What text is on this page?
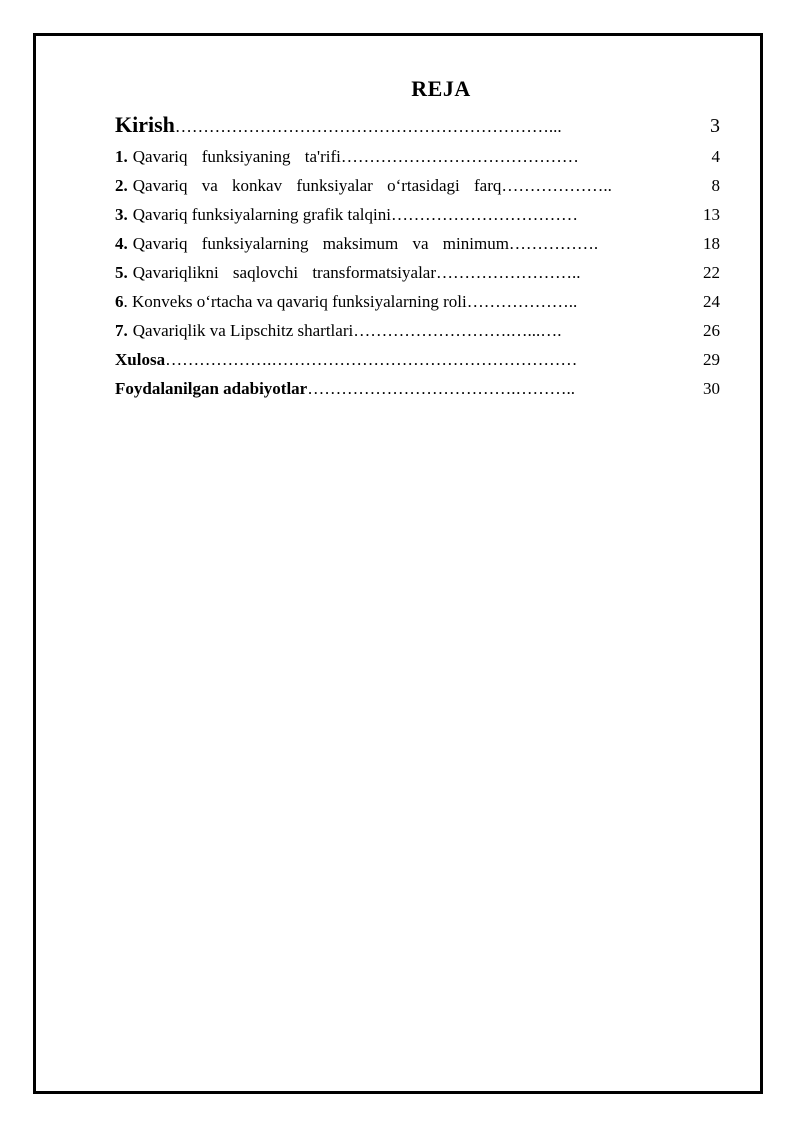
REJA
Kirish …………………………………………………………...	3
1. Qavariq funksiyaning ta'rifi ……………………………………	4
2. Qavariq va konkav funksiyalar o‘rtasidagi farq ………………..	8
3. Qavariq funksiyalarning grafik talqini ……………………………	13
4. Qavariq funksiyalarning maksimum va minimum …………….	18
5. Qavariqlikni saqlovchi transformatsiyalar ……………………..	22
6 . Konveks o‘rtacha va qavariq funksiyalarning roli ………………..	24
7. Qavariqlik va Lipschitz shartlari ……………………….…...….	26
Xulosa ……………….………………………………………………	29
Foydalanilgan adabiyotlar ……………………………….………..	30
